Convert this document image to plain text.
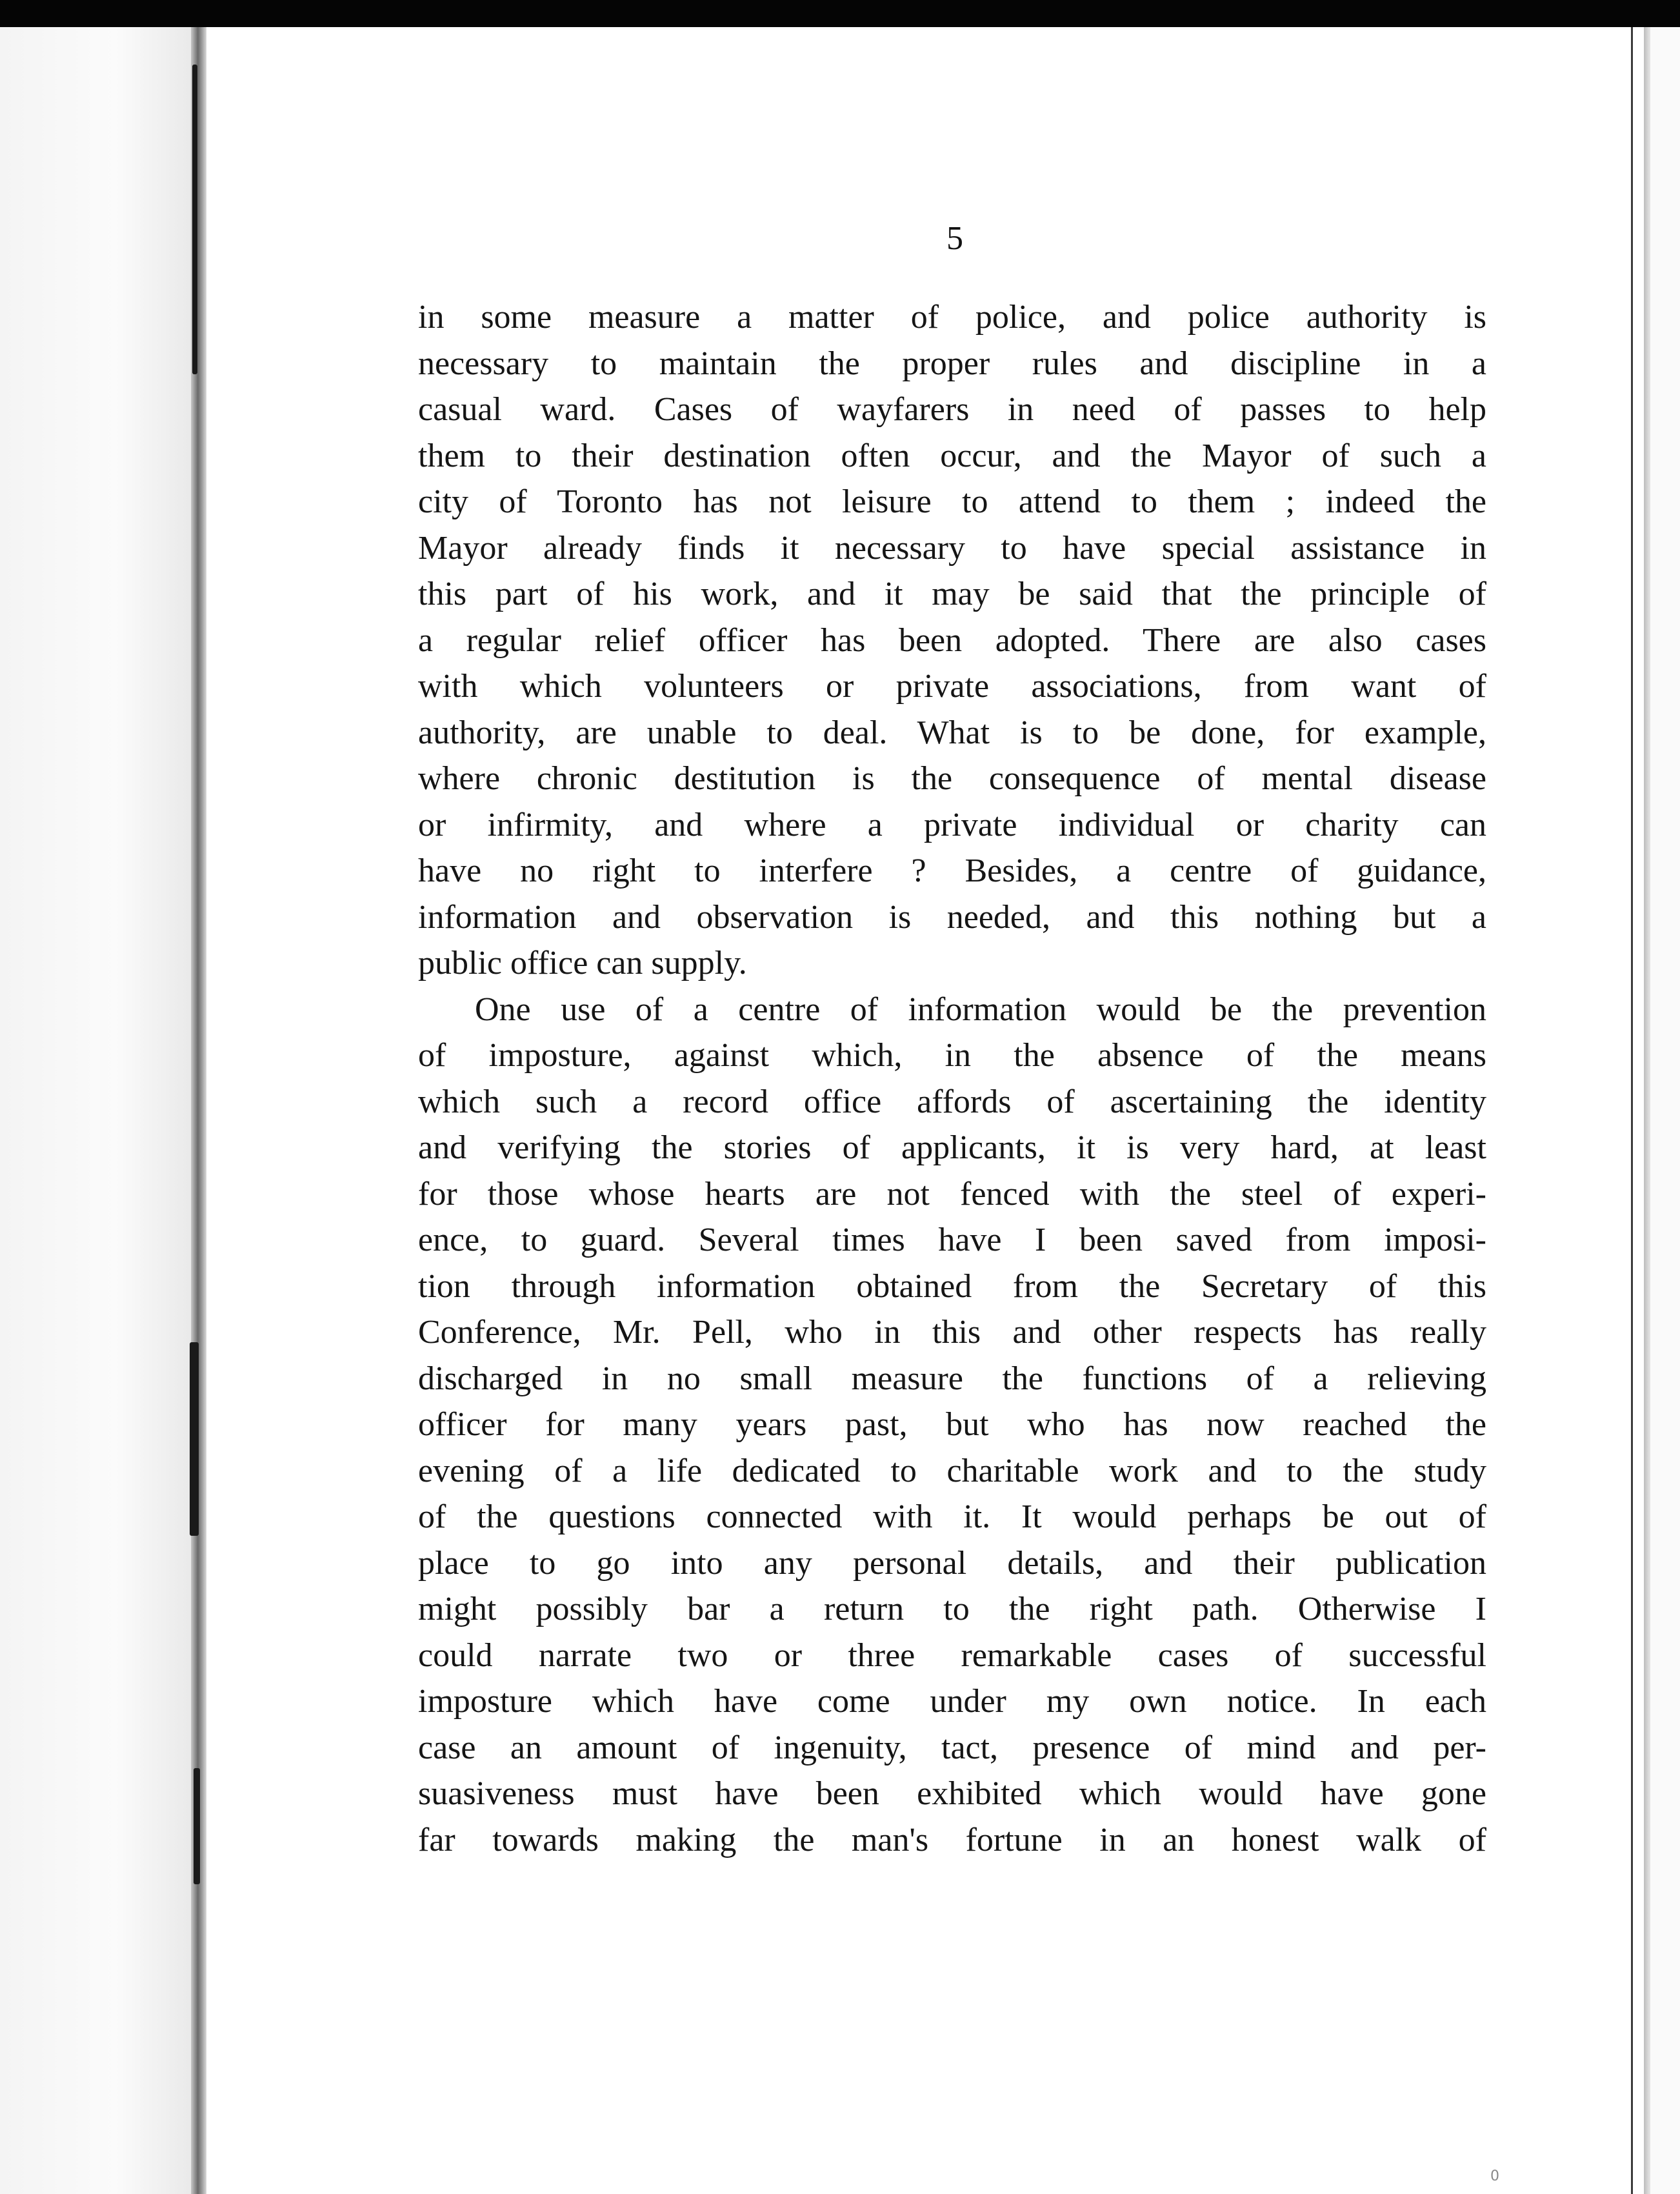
5
in some measure a matter of police, and police authority is
necessary to maintain the proper rules and discipline in a
casual ward. Cases of wayfarers in need of passes to help
them to their destination often occur, and the Mayor of such a
city of Toronto has not leisure to attend to them ; indeed the
Mayor already finds it necessary to have special assistance in
this part of his work, and it may be said that the principle of
a regular relief officer has been adopted. There are also cases
with which volunteers or private associations, from want of
authority, are unable to deal. What is to be done, for example,
where chronic destitution is the consequence of mental disease
or infirmity, and where a private individual or charity can
have no right to interfere ? Besides, a centre of guidance,
information and observation is needed, and this nothing but a
public office can supply.
One use of a centre of information would be the prevention
of imposture, against which, in the absence of the means
which such a record office affords of ascertaining the identity
and verifying the stories of applicants, it is very hard, at least
for those whose hearts are not fenced with the steel of experi-
ence, to guard. Several times have I been saved from imposi-
tion through information obtained from the Secretary of this
Conference, Mr. Pell, who in this and other respects has really
discharged in no small measure the functions of a relieving
officer for many years past, but who has now reached the
evening of a life dedicated to charitable work and to the study
of the questions connected with it. It would perhaps be out of
place to go into any personal details, and their publication
might possibly bar a return to the right path. Otherwise I
could narrate two or three remarkable cases of successful
imposture which have come under my own notice. In each
case an amount of ingenuity, tact, presence of mind and per-
suasiveness must have been exhibited which would have gone
far towards making the man's fortune in an honest walk of
0
